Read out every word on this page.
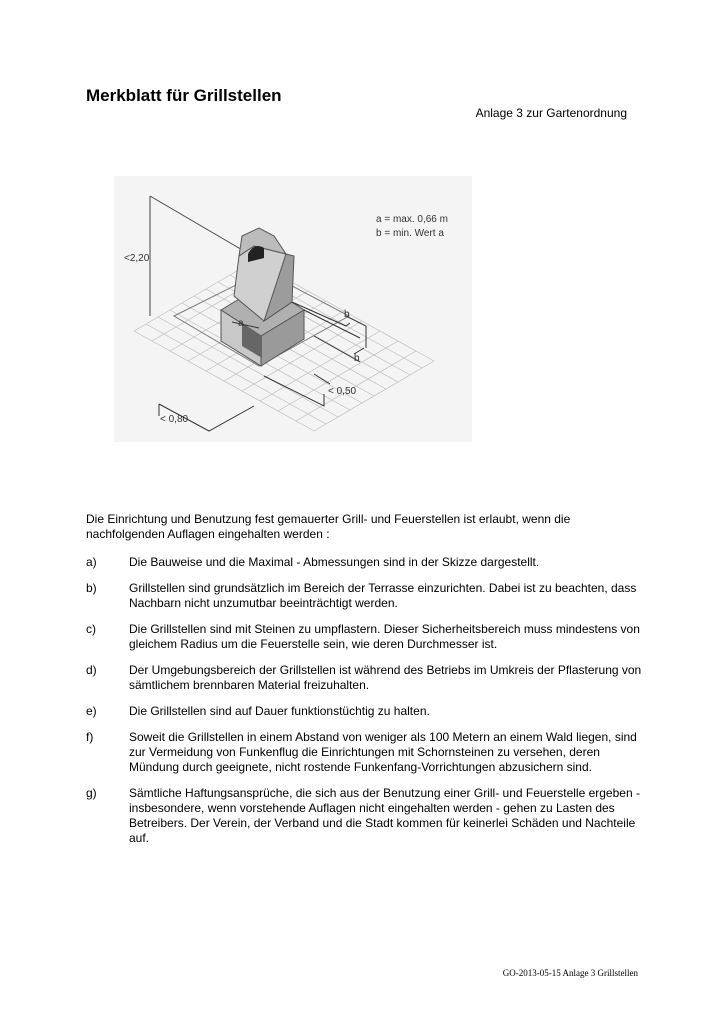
Merkblatt für Grillstellen
Anlage 3 zur Gartenordnung
<2,20
a = max. 0,66 m
b = min. Wert a
a
b
b
< 0,50
< 0,80
Die Einrichtung und Benutzung fest gemauerter Grill- und Feuerstellen ist erlaubt, wenn die nachfolgenden Auflagen eingehalten werden :
a)	Die Bauweise und die Maximal - Abmessungen sind in der Skizze dargestellt.
b)	Grillstellen sind grundsätzlich im Bereich der Terrasse einzurichten. Dabei ist zu beachten, dass Nachbarn nicht unzumutbar beeinträchtigt werden.
c)	Die Grillstellen sind mit Steinen zu umpflastern. Dieser Sicherheitsbereich muss mindestens von gleichem Radius um die Feuerstelle sein, wie deren Durchmesser ist.
d)	Der Umgebungsbereich der Grillstellen ist während des Betriebs im Umkreis der Pflasterung von sämtlichem brennbaren Material freizuhalten.
e)	Die Grillstellen sind auf Dauer funktionstüchtig zu halten.
f)	Soweit die Grillstellen in einem Abstand von weniger als 100 Metern an einem Wald liegen, sind zur Vermeidung von Funkenflug die Einrichtungen mit Schornsteinen zu versehen, deren Mündung durch geeignete, nicht rostende Funkenfang-Vorrichtungen abzusichern sind.
g)	Sämtliche Haftungsansprüche, die sich aus der Benutzung einer Grill- und Feuerstelle ergeben - insbesondere, wenn vorstehende Auflagen nicht eingehalten werden - gehen zu Lasten des Betreibers. Der Verein, der Verband und die Stadt kommen für keinerlei Schäden und Nachteile auf.
GO-2013-05-15 Anlage 3 Grillstellen
